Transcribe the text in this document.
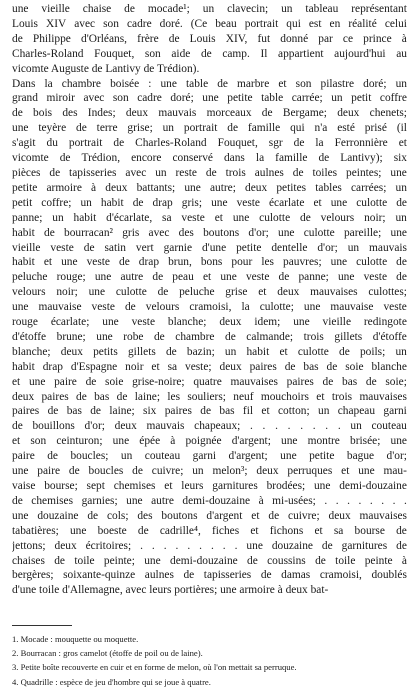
une vieille chaise de mocade¹; un clavecin; un tableau représentant
Louis XIV avec son cadre doré. (Ce beau portrait qui est en réalité celui
de Philippe d'Orléans, frère de Louis XIV, fut donné par ce prince à
Charles-Roland Fouquet, son aide de camp. Il appartient aujourd'hui au
vicomte Auguste de Lantivy de Trédion).
Dans la chambre boisée : une table de marbre et son pilastre doré; un
grand miroir avec son cadre doré; une petite table carrée; un petit coffre
de bois des Indes; deux mauvais morceaux de Bergame; deux chenets;
une teyère de terre grise; un portrait de famille qui n'a esté prisé (il
s'agit du portrait de Charles-Roland Fouquet, sgr de la Ferronnière et
vicomte de Trédion, encore conservé dans la famille de Lantivy); six
pièces de tapisseries avec un reste de trois aulnes de toiles peintes; une
petite armoire à deux battants; une autre; deux petites tables carrées; un
petit coffre; un habit de drap gris; une veste écarlate et une culotte de
panne; un habit d'écarlate, sa veste et une culotte de velours noir; un
habit de bourracan² gris avec des boutons d'or; une culotte pareille; une
vieille veste de satin vert garnie d'une petite dentelle d'or; un mauvais
habit et une veste de drap brun, bons pour les pauvres; une culotte de
peluche rouge; une autre de peau et une veste de panne; une veste de
velours noir; une culotte de peluche grise et deux mauvaises culottes;
une mauvaise veste de velours cramoisi, la culotte; une mauvaise veste
rouge écarlate; une veste blanche; deux idem; une vieille redingote
d'étoffe brune; une robe de chambre de calmande; trois gillets d'étoffe
blanche; deux petits gillets de bazin; un habit et culotte de poils; un
habit drap d'Espagne noir et sa veste; deux paires de bas de soie blanche
et une paire de soie grise-noire; quatre mauvaises paires de bas de soie;
deux paires de bas de laine; les souliers; neuf mouchoirs et trois mauvaises
paires de bas de laine; six paires de bas fil et cotton; un chapeau garni
de bouillons d'or; deux mauvais chapeaux; . . . . . . . . un couteau
et son ceinturon; une épée à poignée d'argent; une montre brisée; une
paire de boucles; un couteau garni d'argent; une petite bague d'or;
une paire de boucles de cuivre; un melon³; deux perruques et une mau-
vaise bourse; sept chemises et leurs garnitures brodées; une demi-douzaine
de chemises garnies; une autre demi-douzaine à mi-usées; . . . . . . . .
une douzaine de cols; des boutons d'argent et de cuivre; deux mauvaises
tabatières; une boeste de cadrille⁴, fiches et fichons et sa bourse de
jettons; deux écritoires; . . . . . . . . . une douzaine de garnitures de
chaises de toile peinte; une demi-douzaine de coussins de toile peinte à
bergères; soixante-quinze aulnes de tapisseries de damas cramoisi, doublés
d'une toile d'Allemagne, avec leurs portières; une armoire à deux bat-
1. Mocade : mouquette ou moquette.
2. Bourracan : gros camelot (étoffe de poil ou de laine).
3. Petite boîte recouverte en cuir et en forme de melon, où l'on mettait sa perruque.
4. Quadrille : espèce de jeu d'hombre qui se joue à quatre.
